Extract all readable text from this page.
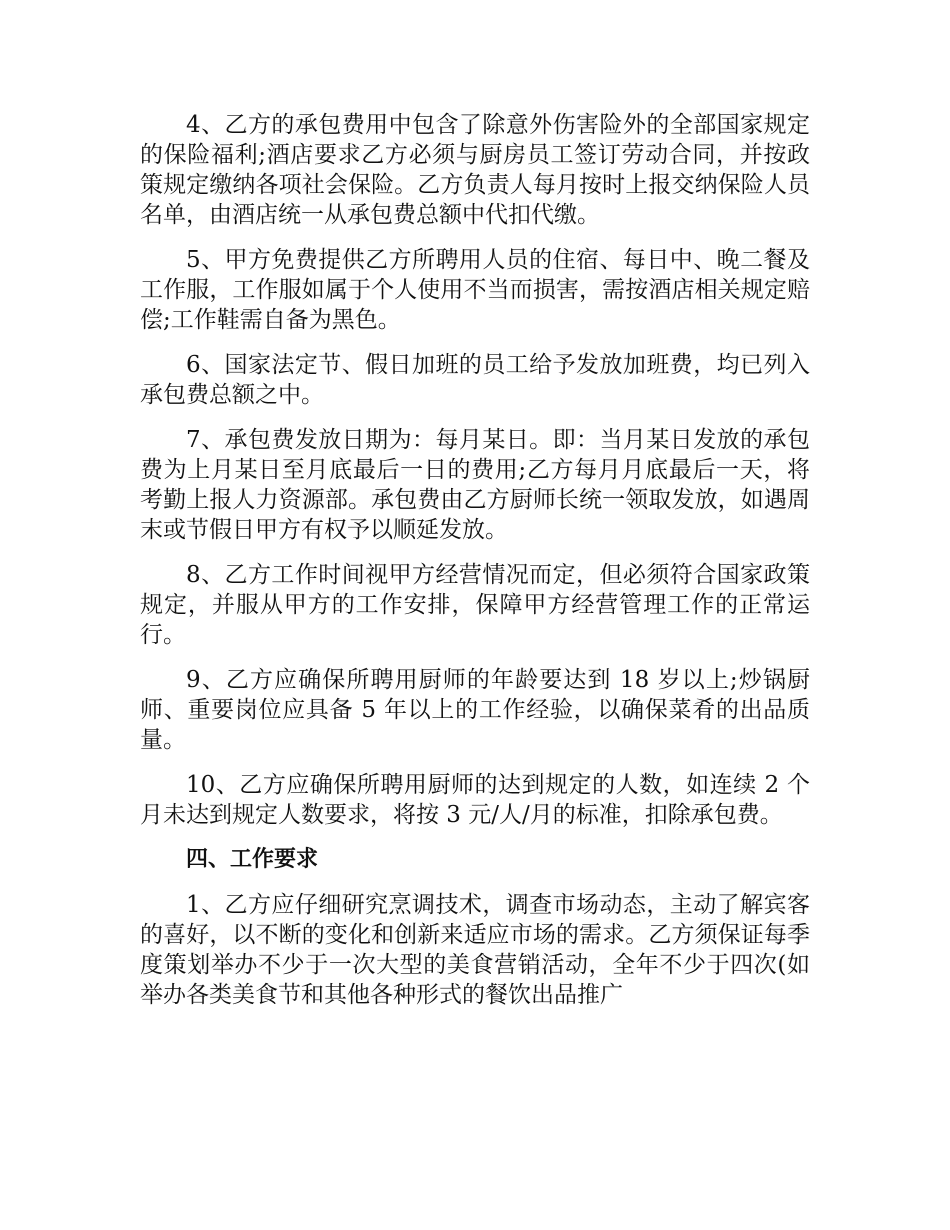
4、乙方的承包费用中包含了除意外伤害险外的全部国家规定的保险福利;酒店要求乙方必须与厨房员工签订劳动合同，并按政策规定缴纳各项社会保险。乙方负责人每月按时上报交纳保险人员名单，由酒店统一从承包费总额中代扣代缴。

5、甲方免费提供乙方所聘用人员的住宿、每日中、晚二餐及工作服，工作服如属于个人使用不当而损害，需按酒店相关规定赔偿;工作鞋需自备为黑色。

6、国家法定节、假日加班的员工给予发放加班费，均已列入承包费总额之中。

7、承包费发放日期为：每月某日。即：当月某日发放的承包费为上月某日至月底最后一日的费用;乙方每月月底最后一天，将考勤上报人力资源部。承包费由乙方厨师长统一领取发放，如遇周末或节假日甲方有权予以顺延发放。

8、乙方工作时间视甲方经营情况而定，但必须符合国家政策规定，并服从甲方的工作安排，保障甲方经营管理工作的正常运行。

9、乙方应确保所聘用厨师的年龄要达到 18 岁以上;炒锅厨师、重要岗位应具备 5 年以上的工作经验，以确保菜肴的出品质量。

10、乙方应确保所聘用厨师的达到规定的人数，如连续 2 个月未达到规定人数要求，将按 3 元/人/月的标准，扣除承包费。

四、工作要求

1、乙方应仔细研究烹调技术，调查市场动态，主动了解宾客的喜好，以不断的变化和创新来适应市场的需求。乙方须保证每季度策划举办不少于一次大型的美食营销活动，全年不少于四次(如举办各类美食节和其他各种形式的餐饮出品推广
